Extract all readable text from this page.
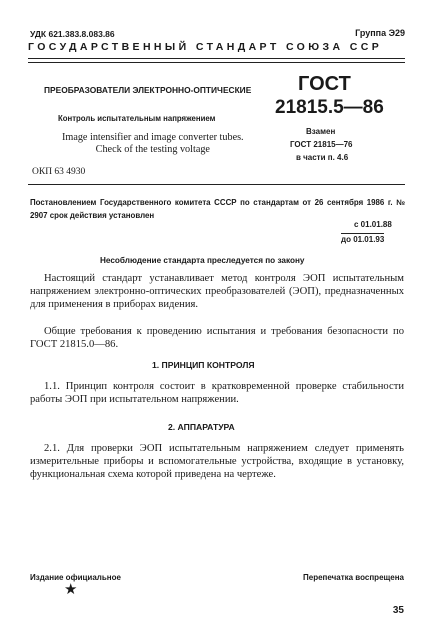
УДК 621.383.8.083.86	Группа Э29
ГОСУДАРСТВЕННЫЙ СТАНДАРТ СОЮЗА ССР
ПРЕОБРАЗОВАТЕЛИ ЭЛЕКТРОННО-ОПТИЧЕСКИЕ
Контроль испытательным напряжением
Image intensifier and image converter tubes.
Check of the testing voltage
ГОСТ
21815.5—86
Взамен
ГОСТ 21815—76
в части п. 4.6
ОКП 63 4930
Постановлением Государственного комитета СССР по стандартам от 26 сентября 1986 г. № 2907 срок действия установлен
с 01.01.88
до 01.01.93
Несоблюдение стандарта преследуется по закону
Настоящий стандарт устанавливает метод контроля ЭОП испытательным напряжением электронно-оптических преобразователей (ЭОП), предназначенных для применения в приборах видения.
Общие требования к проведению испытания и требования безопасности по ГОСТ 21815.0—86.
1. ПРИНЦИП КОНТРОЛЯ
1.1. Принцип контроля состоит в кратковременной проверке стабильности работы ЭОП при испытательном напряжении.
2. АППАРАТУРА
2.1. Для проверки ЭОП испытательным напряжением следует применять измерительные приборы и вспомогательные устройства, входящие в установку, функциональная схема которой приведена на чертеже.
Издание официальное	Перепечатка воспрещена
★
35
